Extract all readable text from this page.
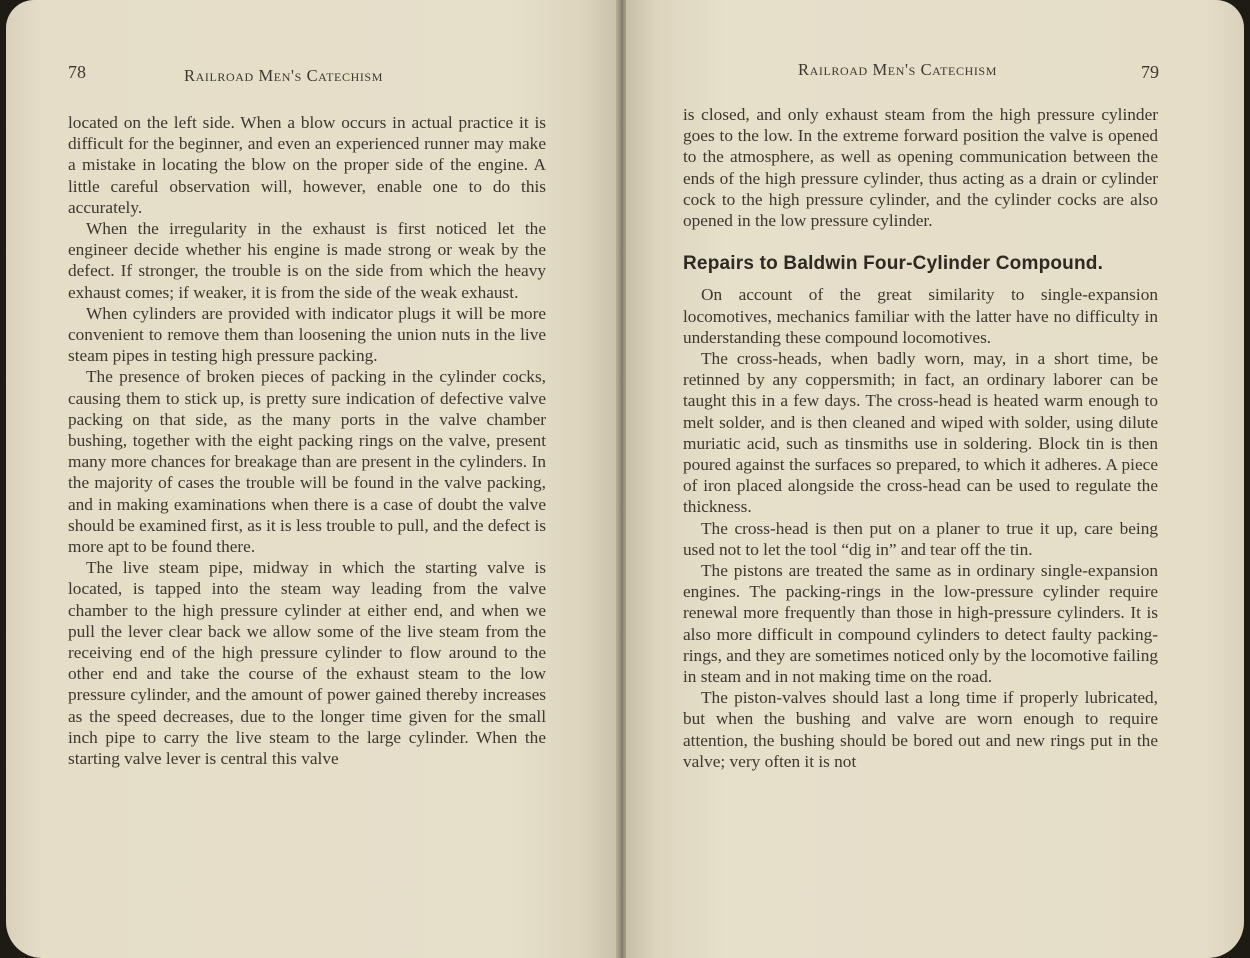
78	Railroad Men's Catechism

located on the left side. When a blow occurs in actual practice it is difficult for the beginner, and even an experienced runner may make a mistake in locating the blow on the proper side of the engine. A little careful observation will, however, enable one to do this accurately.

When the irregularity in the exhaust is first noticed let the engineer decide whether his engine is made strong or weak by the defect. If stronger, the trouble is on the side from which the heavy exhaust comes; if weaker, it is from the side of the weak exhaust.

When cylinders are provided with indicator plugs it will be more convenient to remove them than loosening the union nuts in the live steam pipes in testing high pressure packing.

The presence of broken pieces of packing in the cylinder cocks, causing them to stick up, is pretty sure indication of defective valve packing on that side, as the many ports in the valve chamber bushing, together with the eight packing rings on the valve, present many more chances for breakage than are present in the cylinders. In the majority of cases the trouble will be found in the valve packing, and in making examinations when there is a case of doubt the valve should be examined first, as it is less trouble to pull, and the defect is more apt to be found there.

The live steam pipe, midway in which the starting valve is located, is tapped into the steam way leading from the valve chamber to the high pressure cylinder at either end, and when we pull the lever clear back we allow some of the live steam from the receiving end of the high pressure cylinder to flow around to the other end and take the course of the exhaust steam to the low pressure cylinder, and the amount of power gained thereby increases as the speed decreases, due to the longer time given for the small inch pipe to carry the live steam to the large cylinder. When the starting valve lever is central this valve

Railroad Men's Catechism	79

is closed, and only exhaust steam from the high pressure cylinder goes to the low. In the extreme forward position the valve is opened to the atmosphere, as well as opening communication between the ends of the high pressure cylinder, thus acting as a drain or cylinder cock to the high pressure cylinder, and the cylinder cocks are also opened in the low pressure cylinder.

Repairs to Baldwin Four-Cylinder Compound.

On account of the great similarity to single-expansion locomotives, mechanics familiar with the latter have no difficulty in understanding these compound locomotives.

The cross-heads, when badly worn, may, in a short time, be retinned by any coppersmith; in fact, an ordinary laborer can be taught this in a few days. The cross-head is heated warm enough to melt solder, and is then cleaned and wiped with solder, using dilute muriatic acid, such as tinsmiths use in soldering. Block tin is then poured against the surfaces so prepared, to which it adheres. A piece of iron placed alongside the cross-head can be used to regulate the thickness.

The cross-head is then put on a planer to true it up, care being used not to let the tool “dig in” and tear off the tin.

The pistons are treated the same as in ordinary single-expansion engines. The packing-rings in the low-pressure cylinder require renewal more frequently than those in high-pressure cylinders. It is also more difficult in compound cylinders to detect faulty packing-rings, and they are sometimes noticed only by the locomotive failing in steam and in not making time on the road.

The piston-valves should last a long time if properly lubricated, but when the bushing and valve are worn enough to require attention, the bushing should be bored out and new rings put in the valve; very often it is not
